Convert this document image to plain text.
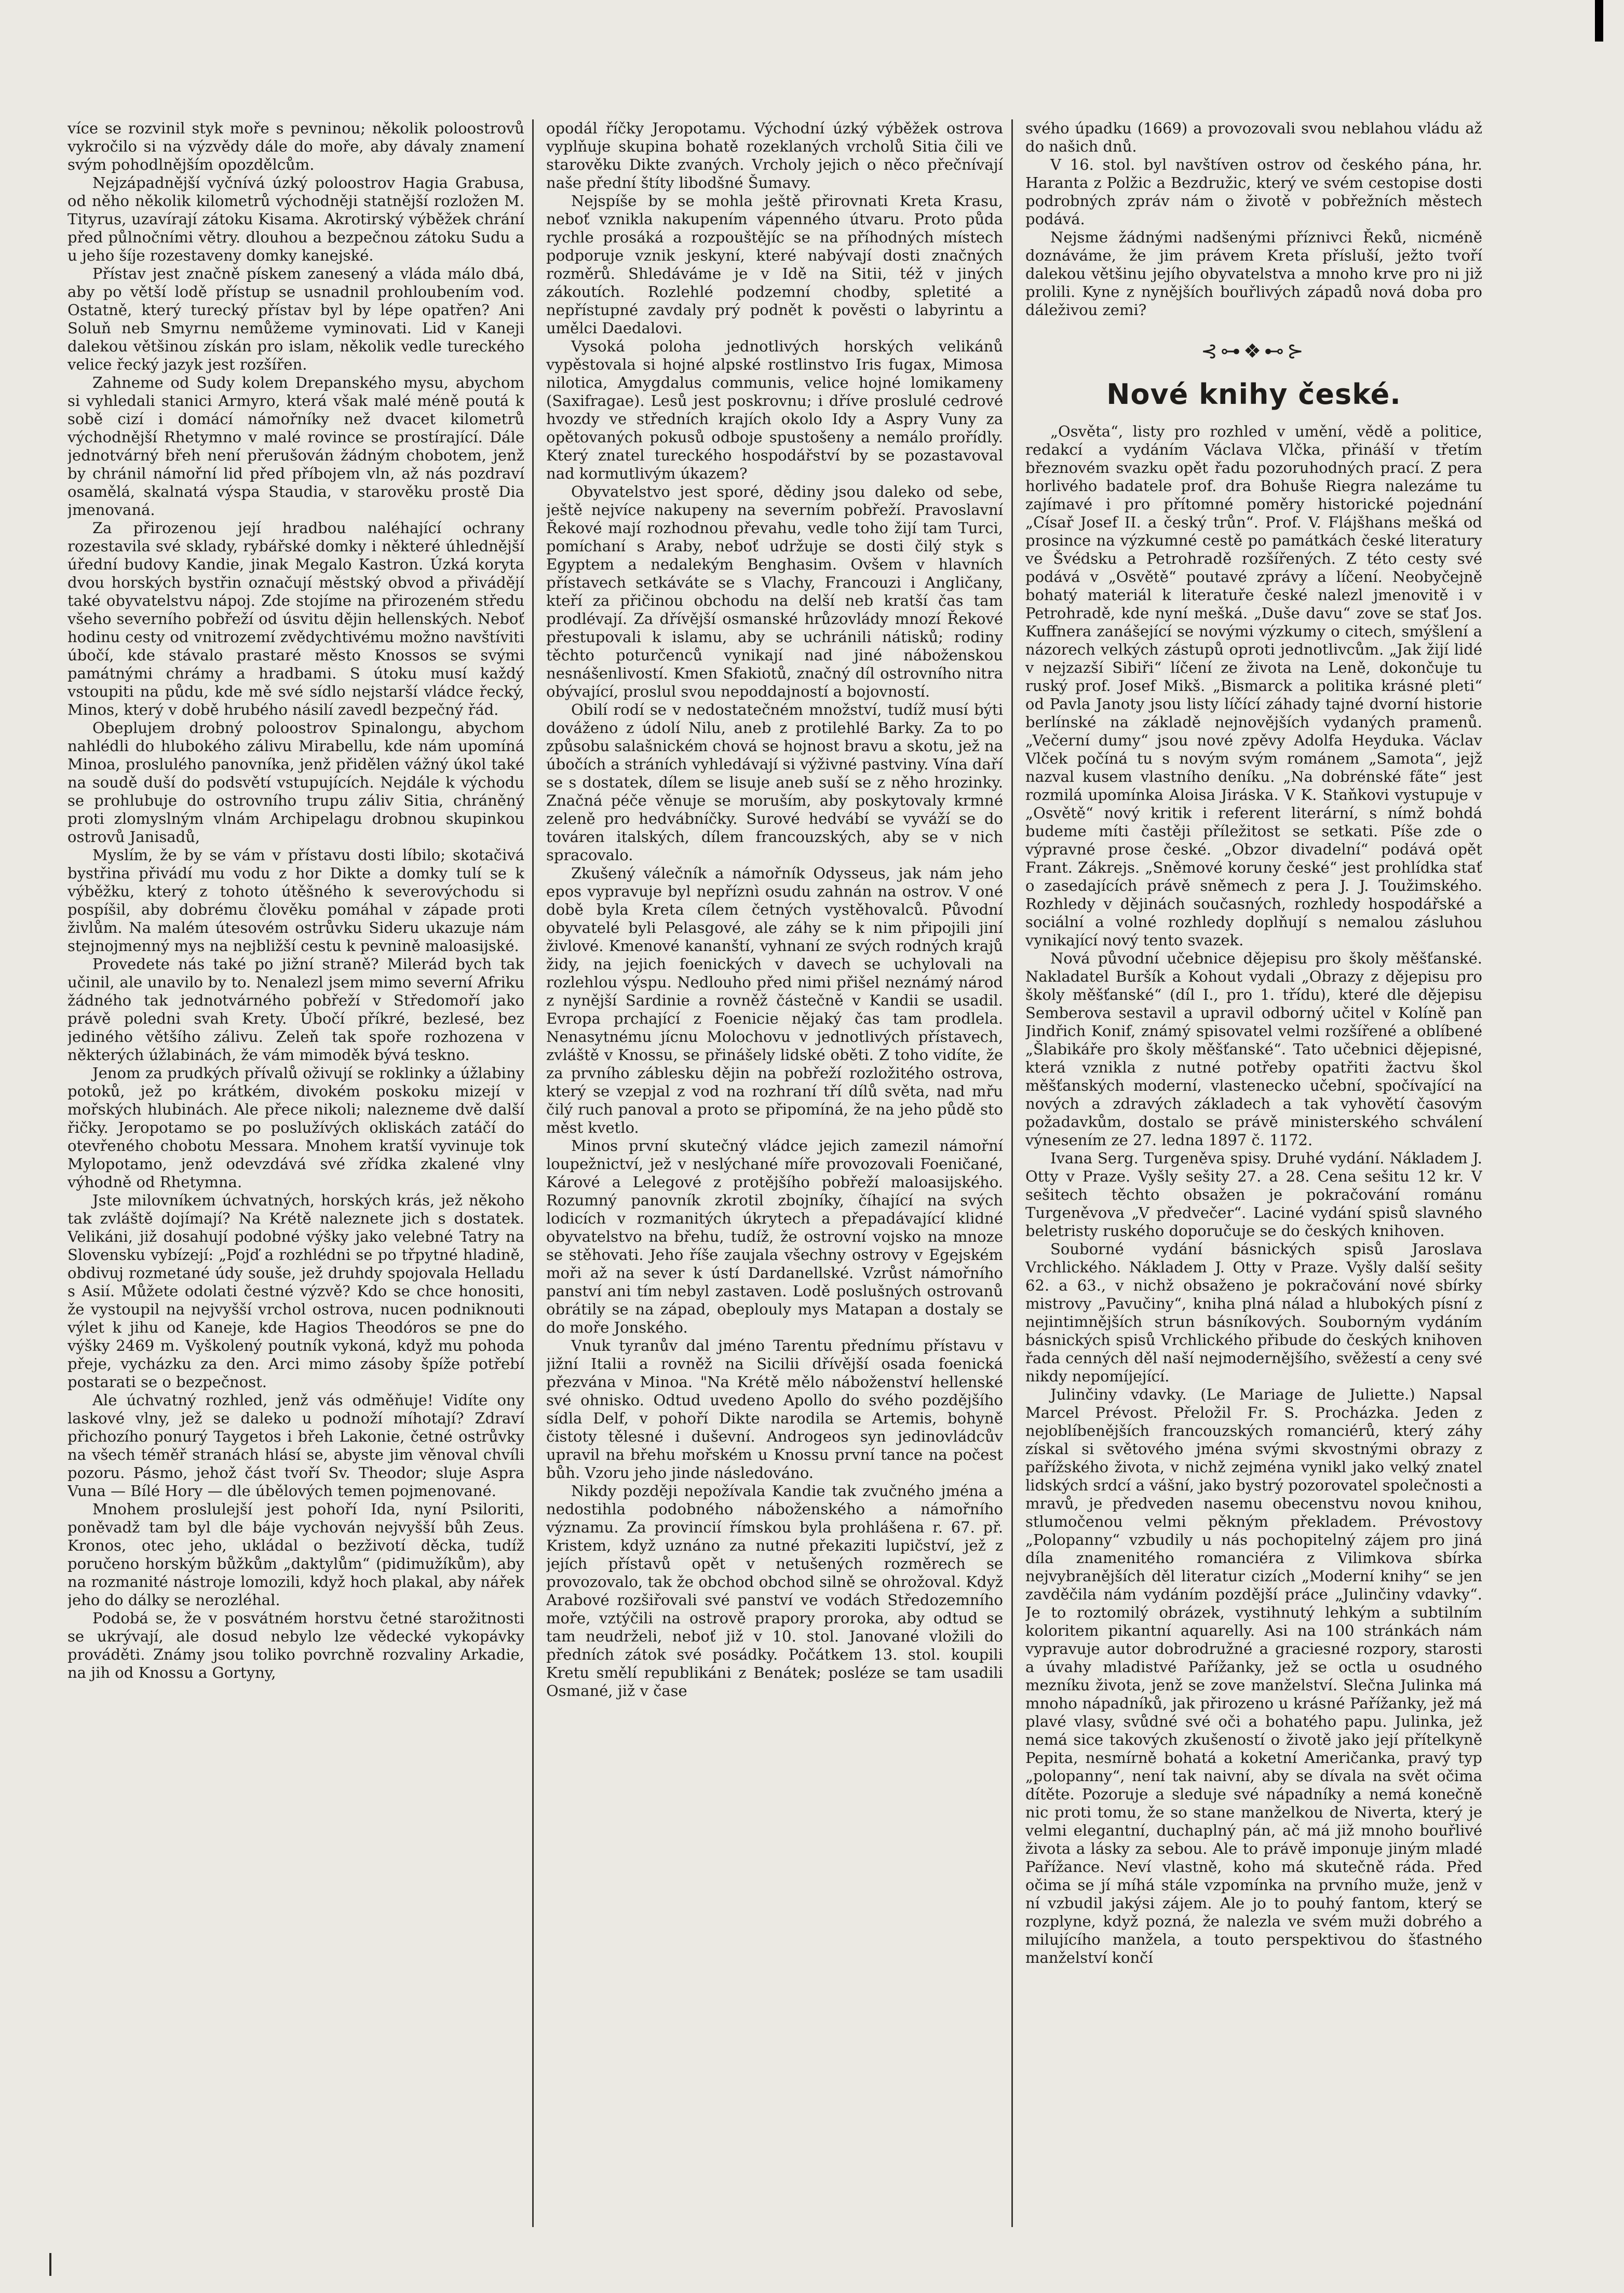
více se rozvinil styk moře s pevninou; několik poloostrovů vykročilo si na výzvědy dále do moře, aby dávaly znamení svým pohodlnějším opozdělcům.

Nejzápadnější vyčnívá úzký poloostrov Hagia Grabusa, od něho několik kilometrů východněji statnější rozložen M. Tityrus, uzavírají zátoku Kisama. Akrotirský výběžek chrání před půlnočními větry. dlouhou a bezpečnou zátoku Sudu a u jeho šíje rozestaveny domky kanejské.

Přístav jest značně pískem zanesený a vláda málo dbá, aby po větší lodě přístup se usnadnil prohloubením vod. Ostatně, který turecký přístav byl by lépe opatřen? Ani Soluň neb Smyrnu nemůžeme vyminovati. Lid v Kaneji dalekou většinou získán pro islam, několik vedle tureckého velice řecký jazyk jest rozšířen.

Zahneme od Sudy kolem Drepanského mysu, abychom si vyhledali stanici Armyro, která však malé méně poutá k sobě cizí i domácí námořníky než dvacet kilometrů východnější Rhetymno v malé rovince se prostírající. Dále jednotvárný břeh není přerušován žádným chobotem, jenž by chránil námořní lid před příbojem vln, až nás pozdraví osamělá, skalnatá výspa Staudia, v starověku prostě Dia jmenovaná.

Za přirozenou její hradbou naléhající ochrany rozestavila své sklady, rybářské domky i některé úhlednější úřední budovy Kandie, jinak Megalo Kastron. Úzká koryta dvou horských bystřin označují městský obvod a přivádějí také obyvatelstvu nápoj. Zde stojíme na přirozeném středu všeho severního pobřeží od úsvitu dějin hellenských. Neboť hodinu cesty od vnitrozemí zvědychtivému možno navštíviti úbočí, kde stávalo prastaré město Knossos se svými památnými chrámy a hradbami. S útoku musí každý vstoupiti na půdu, kde mě své sídlo nejstarší vládce řecký, Minos, který v době hrubého násilí zavedl bezpečný řád.

Obeplujem drobný poloostrov Spinalongu, abychom nahlédli do hlubokého zálivu Mirabellu, kde nám upomíná Minoa, proslulého panovníka, jenž přidělen vážný úkol také na soudě duší do podsvětí vstupujících. Nejdále k východu se prohlubuje do ostrovního trupu záliv Sitia, chráněný proti zlomyslným vlnám Archipelagu drobnou skupinkou ostrovů Janisadů,

Myslím, že by se vám v přístavu dosti líbilo; skotačivá bystřina přivádí mu vodu z hor Dikte a domky tulí se k výběžku, který z tohoto útěšného k severovýchodu si pospíšil, aby dobrému člověku pomáhal v západe proti živlům. Na malém útesovém ostrůvku Sideru ukazuje nám stejnojmenný mys na nejbližší cestu k pevnině maloasijské.

Provedete nás také po jižní straně? Milerád bych tak učinil, ale unavilo by to. Nenalezl jsem mimo severní Afriku žádného tak jednotvárného pobřeží v Středomoří jako právě poledni svah Krety. Úbočí příkré, bezlesé, bez jediného většího zálivu. Zeleň tak spoře rozhozena v některých úžlabinách, že vám mimoděk bývá teskno.

Jenom za prudkých přívalů oživují se roklinky a úžlabiny potoků, jež po krátkém, divokém poskoku mizejí v mořských hlubinách. Ale přece nikoli; nalezneme dvě další řičky. Jeropotamo se po poslužívých okliskách zatáčí do otevřeného chobotu Messara. Mnohem kratší vyvinuje tok Mylopotamo, jenž odevzdává své zřídka zkalené vlny výhodně od Rhetymna.

Jste milovníkem úchvatných, horských krás, jež někoho tak zvláště dojímají? Na Krétě naleznete jich s dostatek. Velikáni, již dosahují podobné výšky jako velebné Tatry na Slovensku vybízejí: „Pojď a rozhlédni se po třpytné hladině, obdivuj rozmetané údy souše, jež druhdy spojovala Helladu s Asií. Můžete odolati čestné výzvě? Kdo se chce honositi, že vystoupil na nejvyšší vrchol ostrova, nucen podniknouti výlet k jihu od Kaneje, kde Hagios Theodóros se pne do výšky 2469 m. Vyškolený poutník vykoná, když mu pohoda přeje, vycházku za den. Arci mimo zásoby špíže potřebí postarati se o bezpečnost.

Ale úchvatný rozhled, jenž vás odměňuje! Vidíte ony laskové vlny, jež se daleko u podnoží míhotají? Zdraví přichozího ponurý Taygetos i břeh Lakonie, četné ostrůvky na všech téměř stranách hlásí se, abyste jim věnoval chvíli pozoru. Pásmo, jehož část tvoří Sv. Theodor; sluje Aspra Vuna — Bílé Hory — dle úbělových temen pojmenované.

Mnohem proslulejší jest pohoří Ida, nyní Psiloriti, poněvadž tam byl dle báje vychován nejvyšší bůh Zeus. Kronos, otec jeho, ukládal o bezživotí děcka, tudíž poručeno horským bůžkům „daktylům“ (pidimužíkům), aby na rozmanité nástroje lomozili, když hoch plakal, aby nářek jeho do dálky se nerozléhal.

Podobá se, že v posvátném horstvu četné starožitnosti se ukrývají, ale dosud nebylo lze vědecké vykopávky prováděti. Známy jsou toliko povrchně rozvaliny Arkadie, na jih od Knossu a Gortyny,

opodál říčky Jeropotamu. Východní úzký výběžek ostrova vyplňuje skupina bohatě rozeklaných vrcholů Sitia čili ve starověku Dikte zvaných. Vrcholy jejich o něco přečnívají naše přední štíty libodšné Šumavy.

Nejspíše by se mohla ještě přirovnati Kreta Krasu, neboť vznikla nakupením vápenného útvaru. Proto půda rychle prosáká a rozpouštějíc se na příhodných místech podporuje vznik jeskyní, které nabývají dosti značných rozměrů. Shledáváme je v Idě na Sitii, též v jiných zákoutích. Rozlehlé podzemní chodby, spletité a nepřístupné zavdaly prý podnět k pověsti o labyrintu a umělci Daedalovi.

Vysoká poloha jednotlivých horských velikánů vypěstovala si hojné alpské rostlinstvo Iris fugax, Mimosa nilotica, Amygdalus communis, velice hojné lomikameny (Saxifragae). Lesů jest poskrovnu; i dříve proslulé cedrové hvozdy ve středních krajích okolo Idy a Aspry Vuny za opětovaných pokusů odboje spustošeny a nemálo prořídly. Který znatel tureckého hospodářství by se pozastavoval nad kormutlivým úkazem?

Obyvatelstvo jest sporé, dědiny jsou daleko od sebe, ještě nejvíce nakupeny na severním pobřeží. Pravoslavní Řekové mají rozhodnou převahu, vedle toho žijí tam Turci, pomíchaní s Araby, neboť udržuje se dosti čilý styk s Egyptem a nedalekým Benghasim. Ovšem v hlavních přístavech setkáváte se s Vlachy, Francouzi i Angličany, kteří za přičinou obchodu na delší neb kratší čas tam prodlévají. Za dřívější osmanské hrůzovlády mnozí Řekové přestupovali k islamu, aby se uchránili nátisků; rodiny těchto poturčenců vynikají nad jiné náboženskou nesnášenlivostí. Kmen Sfakiotů, značný díl ostrovního nitra obývající, proslul svou nepoddajností a bojovností.

Obilí rodí se v nedostatečném množství, tudíž musí býti dováženo z údolí Nilu, aneb z protilehlé Barky. Za to po způsobu salašnickém chová se hojnost bravu a skotu, jež na úbočích a stráních vyhledávají si výživné pastviny. Vína daří se s dostatek, dílem se lisuje aneb suší se z něho hrozinky. Značná péče věnuje se moruším, aby poskytovaly krmné zeleně pro hedvábníčky. Surové hedvábí se vyváží se do továren italských, dílem francouzských, aby se v nich spracovalo.

Zkušený válečník a námořník Odysseus, jak nám jeho epos vypravuje byl nepříznì osudu zahnán na ostrov. V oné době byla Kreta cílem četných vystěhovalců. Původní obyvatelé byli Pelasgové, ale záhy se k nim připojili jiní živlové. Kmenové kananští, vyhnaní ze svých rodných krajů židy, na jejich foenických v davech se uchylovali na rozlehlou výspu. Nedlouho před nimi přišel neznámý národ z nynější Sardinie a rovněž částečně v Kandii se usadil. Evropa prchající z Foenicie nějaký čas tam prodlela. Nenasytnému jícnu Molochovu v jednotlivých přístavech, zvláště v Knossu, se přinášely lidské oběti. Z toho vidíte, že za prvního záblesku dějin na pobřeží rozložitého ostrova, který se vzepjal z vod na rozhraní tří dílů světa, nad mřu čilý ruch panoval a proto se připomíná, že na jeho půdě sto měst kvetlo.

Minos první skutečný vládce jejich zamezil námořní loupežnictví, jež v neslýchané míře provozovali Foeničané, Kárové a Lelegové z protějšího pobřeží maloasijského. Rozumný panovník zkrotil zbojníky, číhající na svých lodicích v rozmanitých úkrytech a přepadávající klidné obyvatelstvo na břehu, tudíž, že ostrovní vojsko na mnoze se stěhovati. Jeho říše zaujala všechny ostrovy v Egejském moři až na sever k ústí Dardanellské. Vzrůst námořního panství ani tím nebyl zastaven. Lodě poslušných ostrovanů obrátily se na západ, obeplouly mys Matapan a dostaly se do moře Jonského.

Vnuk tyranův dal jméno Tarentu přednímu přístavu v jižní Italii a rovněž na Sicilii dřívější osada foenická přezvána v Minoa. "Na Krétě mělo náboženství hellenské své ohnisko. Odtud uvedeno Apollo do svého pozdějšího sídla Delf, v pohoří Dikte narodila se Artemis, bohyně čistoty tělesné i duševní. Androgeos syn jedinovládcův upravil na břehu mořském u Knossu první tance na počest bůh. Vzoru jeho jinde následováno.

Nikdy později nepožívala Kandie tak zvučného jména a nedostihla podobného náboženského a námořního významu. Za provincií římskou byla prohlášena r. 67. př. Kristem, když uznáno za nutné překaziti lupičství, jež z jejích přístavů opět v netušených rozměrech se provozovalo, tak že obchod obchod silně se ohrožoval. Když Arabové rozšiřovali své panství ve vodách Středozemního moře, vztýčili na ostrově prapory proroka, aby odtud se tam neudrželi, neboť již v 10. stol. Janované vložili do předních zátok své posádky. Počátkem 13. stol. koupili Kretu smělí republikáni z Benátek; posléze se tam usadili Osmané, již v čase

svého úpadku (1669) a provozovali svou neblahou vládu až do našich dnů.

V 16. stol. byl navštíven ostrov od českého pána, hr. Haranta z Polžic a Bezdružic, který ve svém cestopise dosti podrobných zpráv nám o životě v pobřežních městech podává.

Nejsme žádnými nadšenými příznivci Řeků, nicméně doznáváme, že jim právem Kreta přísluší, ježto tvoří dalekou většinu jejího obyvatelstva a mnoho krve pro ni již prolili. Kyne z nynějších bouřlivých západů nová doba pro dáleživou zemi?

⊰⊶❖⊷⊱
Nové knihy české.

„Osvěta“, listy pro rozhled v umění, vědě a politice, redakcí a vydáním Václava Vlčka, přináší v třetím březnovém svazku opět řadu pozoruhodných prací. Z pera horlivého badatele prof. dra Bohuše Riegra nalezáme tu zajímavé i pro přítomné poměry historické pojednání „Císař Josef II. a český trůn“. Prof. V. Flájšhans mešká od prosince na výzkumné cestě po památkách české literatury ve Švédsku a Petrohradě rozšířených. Z této cesty své podává v „Osvětě“ poutavé zprávy a líčení. Neobyčejně bohatý materiál k literatuře české nalezl jmenovitě i v Petrohradě, kde nyní mešká. „Duše davu“ zove se stať Jos. Kuffnera zanášející se novými výzkumy o citech, smýšlení a názorech velkých zástupů oproti jednotlivcům. „Jak žijí lidé v nejzazší Sibiři“ líčení ze života na Leně, dokončuje tu ruský prof. Josef Mikš. „Bismarck a politika krásné pleti“ od Pavla Janoty jsou listy líčící záhady tajné dvorní historie berlínské na základě nejnovějších vydaných pramenů. „Večerní dumy“ jsou nové zpěvy Adolfa Heyduka. Václav Vlček počíná tu s novým svým románem „Samota“, jejž nazval kusem vlastního deníku. „Na dobrénské fa̋te“ jest rozmilá upomínka Aloisa Jiráska. V K. Staňkovi vystupuje v „Osvětě“ nový kritik i referent literární, s nímž bohdá budeme míti častěji příležitost se setkati. Píše zde o výpravné prose české. „Obzor divadelní“ podává opět Frant. Zákrejs. „Sněmové koruny české“ jest prohlídka stať o zasedajících právě sněmech z pera J. J. Toužimského. Rozhledy v dějinách současných, rozhledy hospodářské a sociální a volné rozhledy doplňují s nemalou zásluhou vynikající nový tento svazek.

Nová původní učebnice dějepisu pro školy měšťanské. Nakladatel Buršík a Kohout vydali „Obrazy z dějepisu pro školy měšťanské“ (díl I., pro 1. třídu), které dle dějepisu Semberova sestavil a upravil odborný učitel v Kolíně pan Jindřich Konif, známý spisovatel velmi rozšířené a oblíbené „Šlabikáře pro školy měšťanské“. Tato učebnici dějepisné, která vznikla z nutné potřeby opatřiti žactvu škol měšťanských moderní, vlastenecko učební, spočívající na nových a zdravých základech a tak vyhovětí časovým požadavkům, dostalo se právě ministerského schválení výnesením ze 27. ledna 1897 č. 1172.

Ivana Serg. Turgeněva spisy. Druhé vydání. Nákladem J. Otty v Praze. Vyšly sešity 27. a 28. Cena sešitu 12 kr. V sešitech těchto obsažen je pokračování románu Turgeněvova „V předvečer“. Laciné vydání spisů slavného beletristy ruského doporučuje se do českých knihoven.

Souborné vydání básnických spisů Jaroslava Vrchlického. Nákladem J. Otty v Praze. Vyšly další sešity 62. a 63., v nichž obsaženo je pokračování nové sbírky mistrovy „Pavučiny“, kniha plná nálad a hlubokých písní z nejintimnějších strun básníkových. Souborným vydáním básnických spisů Vrchlického přibude do českých knihoven řada cenných děl naší nejmodernějšího, svěžestí a ceny své nikdy nepomíjející.

Julinčiny vdavky. (Le Mariage de Juliette.) Napsal Marcel Prévost. Přeložil Fr. S. Procházka. Jeden z nejoblíbenějších francouzských romanciérů, který záhy získal si světového jména svými skvostnými obrazy z pařížského života, v nichž zejména vynikl jako velký znatel lidských srdcí a vášní, jako bystrý pozorovatel společnosti a mravů, je předveden nasemu obecenstvu novou knihou, stlumočenou velmi pěkným překladem. Prévostovy „Polopanny“ vzbudily u nás pochopitelný zájem pro jiná díla znamenitého romanciéra z Vilimkova sbírka nejvybranějších děl literatur cizích „Moderní knihy“ se jen zavděčila nám vydáním pozdější práce „Julinčiny vdavky“. Je to roztomilý obrázek, vystihnutý lehkým a subtilním koloritem pikantní aquarelly. Asi na 100 stránkách nám vypravuje autor dobrodružné a graciesné rozpory, starosti a úvahy mladistvé Pařížanky, jež se octla u osudného mezníku života, jenž se zove manželství. Slečna Julinka má mnoho nápadníků, jak přirozeno u krásné Pařížanky, jež má plavé vlasy, svůdné své oči a bohatého papu. Julinka, jež nemá sice takových zkušeností o životě jako její přítelkyně Pepita, nesmírně bohatá a koketní Američanka, pravý typ „polopanny“, není tak naivní, aby se dívala na svět očima dítěte. Pozoruje a sleduje své nápadníky a nemá konečně nic proti tomu, že so stane manželkou de Niverta, který je velmi elegantní, duchaplný pán, ač má již mnoho bouřlivé života a lásky za sebou. Ale to právě imponuje jiným mladé Pařížance. Neví vlastně, koho má skutečně ráda. Před očima se jí míhá stále vzpomínka na prvního muže, jenž v ní vzbudil jakýsi zájem. Ale jo to pouhý fantom, který se rozplyne, když pozná, že nalezla ve svém muži dobrého a milujícího manžela, a touto perspektivou do šťastného manželství končí
